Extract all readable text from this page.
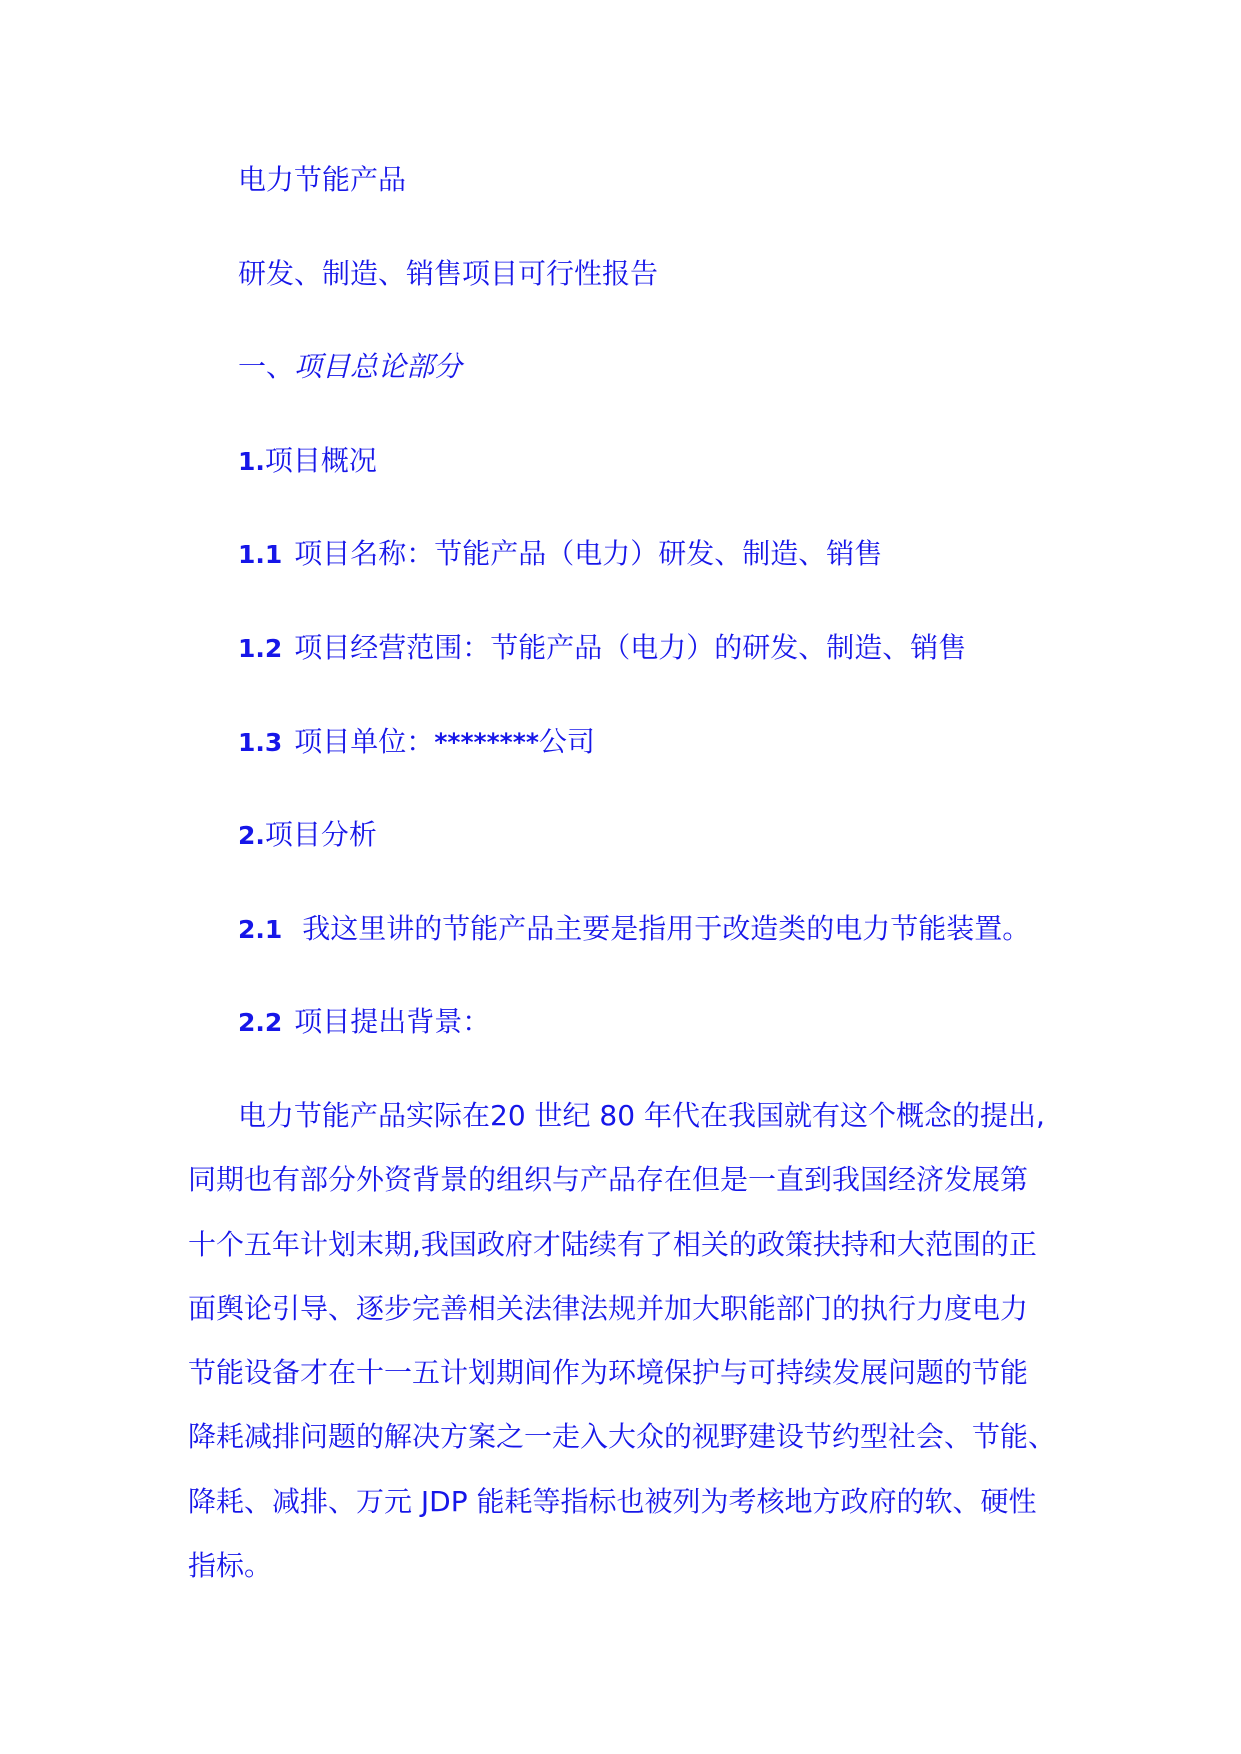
电力节能产品
研发、制造、销售项目可行性报告
一、项目总论部分
1.项目概况
1.1 项目名称：节能产品（电力）研发、制造、销售
1.2 项目经营范围：节能产品（电力）的研发、制造、销售
1.3 项目单位：********公司
2.项目分析
2.1 我这里讲的节能产品主要是指用于改造类的电力节能装置。
2.2 项目提出背景：
电力节能产品实际在20 世纪 80 年代在我国就有这个概念的提出,
同期也有部分外资背景的组织与产品存在但是一直到我国经济发展第
十个五年计划末期,我国政府才陆续有了相关的政策扶持和大范围的正
面舆论引导、逐步完善相关法律法规并加大职能部门的执行力度电力
节能设备才在十一五计划期间作为环境保护与可持续发展问题的节能
降耗减排问题的解决方案之一走入大众的视野建设节约型社会、节能、
降耗、减排、万元 JDP 能耗等指标也被列为考核地方政府的软、硬性
指标。
